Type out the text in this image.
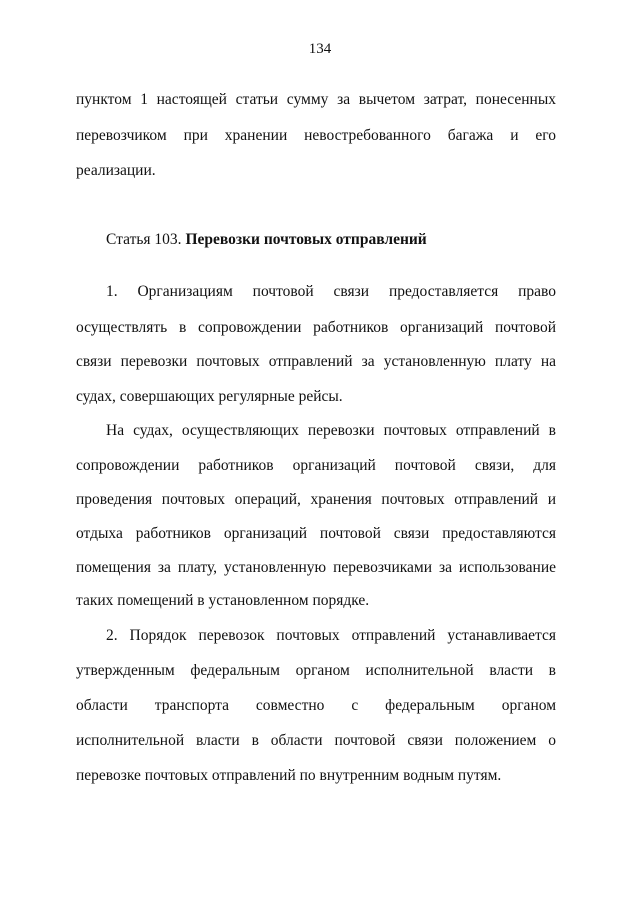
134
пунктом 1 настоящей статьи сумму за вычетом затрат, понесенных
перевозчиком при хранении невостребованного багажа и его
реализации.
Статья 103. Перевозки почтовых отправлений
1. Организациям почтовой связи предоставляется право
осуществлять в сопровождении работников организаций почтовой
связи перевозки почтовых отправлений за установленную плату на
судах, совершающих регулярные рейсы.
На судах, осуществляющих перевозки почтовых отправлений в
сопровождении работников организаций почтовой связи, для
проведения почтовых операций, хранения почтовых отправлений и
отдыха работников организаций почтовой связи предоставляются
помещения за плату, установленную перевозчиками за использование
таких помещений в установленном порядке.
2. Порядок перевозок почтовых отправлений устанавливается
утвержденным федеральным органом исполнительной власти в
области транспорта совместно с федеральным органом
исполнительной власти в области почтовой связи положением о
перевозке почтовых отправлений по внутренним водным путям.
